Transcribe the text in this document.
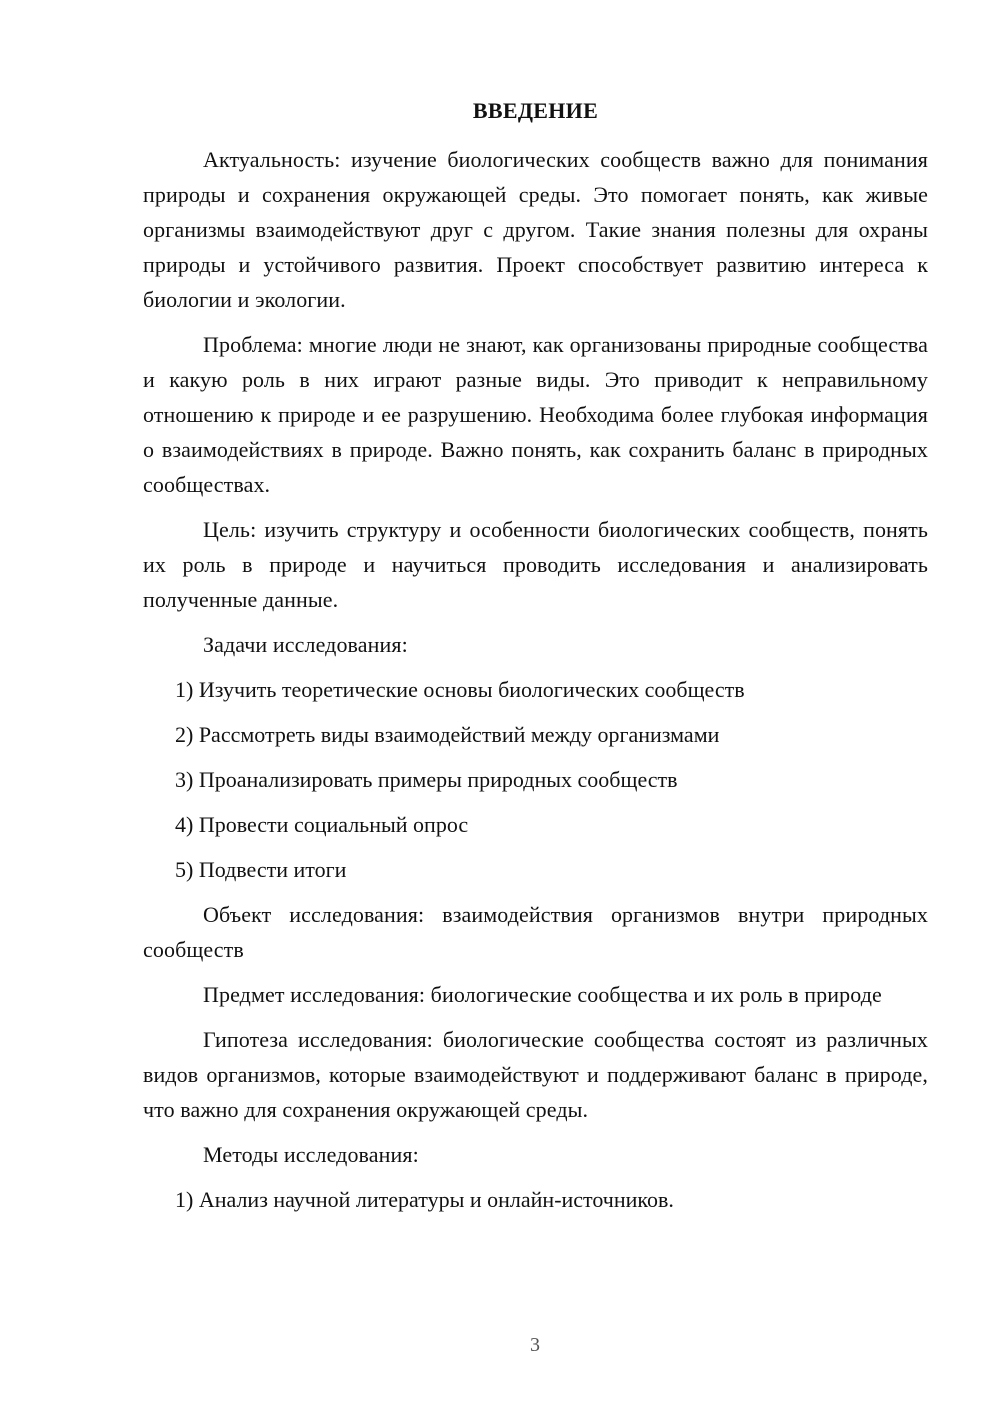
ВВЕДЕНИЕ

Актуальность: изучение биологических сообществ важно для понимания природы и сохранения окружающей среды. Это помогает понять, как живые организмы взаимодействуют друг с другом. Такие знания полезны для охраны природы и устойчивого развития. Проект способствует развитию интереса к биологии и экологии.

Проблема: многие люди не знают, как организованы природные сообщества и какую роль в них играют разные виды. Это приводит к неправильному отношению к природе и ее разрушению. Необходима более глубокая информация о взаимодействиях в природе. Важно понять, как сохранить баланс в природных сообществах.

Цель: изучить структуру и особенности биологических сообществ, понять их роль в природе и научиться проводить исследования и анализировать полученные данные.

Задачи исследования:

1) Изучить теоретические основы биологических сообществ
2) Рассмотреть виды взаимодействий между организмами
3) Проанализировать примеры природных сообществ
4) Провести социальный опрос
5) Подвести итоги

Объект исследования: взаимодействия организмов внутри природных сообществ

Предмет исследования: биологические сообщества и их роль в природе

Гипотеза исследования: биологические сообщества состоят из различных видов организмов, которые взаимодействуют и поддерживают баланс в природе, что важно для сохранения окружающей среды.

Методы исследования:

1) Анализ научной литературы и онлайн-источников.
3
